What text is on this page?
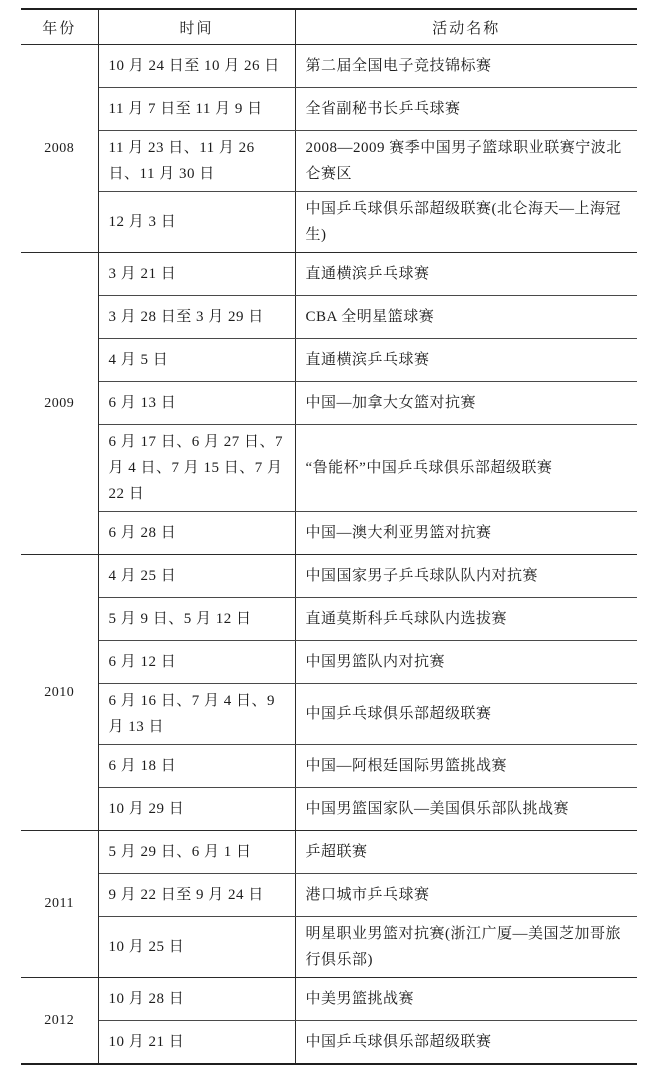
年份	时间	活动名称
2008	10 月 24 日至 10 月 26 日	第二届全国电子竞技锦标赛
	11 月 7 日至 11 月 9 日	全省副秘书长乒乓球赛
	11 月 23 日、11 月 26 日、11 月 30 日	2008—2009 赛季中国男子篮球职业联赛宁波北仑赛区
	12 月 3 日	中国乒乓球俱乐部超级联赛(北仑海天—上海冠生)
2009	3 月 21 日	直通横滨乒乓球赛
	3 月 28 日至 3 月 29 日	CBA 全明星篮球赛
	4 月 5 日	直通横滨乒乓球赛
	6 月 13 日	中国—加拿大女篮对抗赛
	6 月 17 日、6 月 27 日、7 月 4 日、7 月 15 日、7 月 22 日	“鲁能杯”中国乒乓球俱乐部超级联赛
	6 月 28 日	中国—澳大利亚男篮对抗赛
2010	4 月 25 日	中国国家男子乒乓球队队内对抗赛
	5 月 9 日、5 月 12 日	直通莫斯科乒乓球队内选拔赛
	6 月 12 日	中国男篮队内对抗赛
	6 月 16 日、7 月 4 日、9 月 13 日	中国乒乓球俱乐部超级联赛
	6 月 18 日	中国—阿根廷国际男篮挑战赛
	10 月 29 日	中国男篮国家队—美国俱乐部队挑战赛
2011	5 月 29 日、6 月 1 日	乒超联赛
	9 月 22 日至 9 月 24 日	港口城市乒乓球赛
	10 月 25 日	明星职业男篮对抗赛(浙江广厦—美国芝加哥旅行俱乐部)
2012	10 月 28 日	中美男篮挑战赛
	10 月 21 日	中国乒乓球俱乐部超级联赛
